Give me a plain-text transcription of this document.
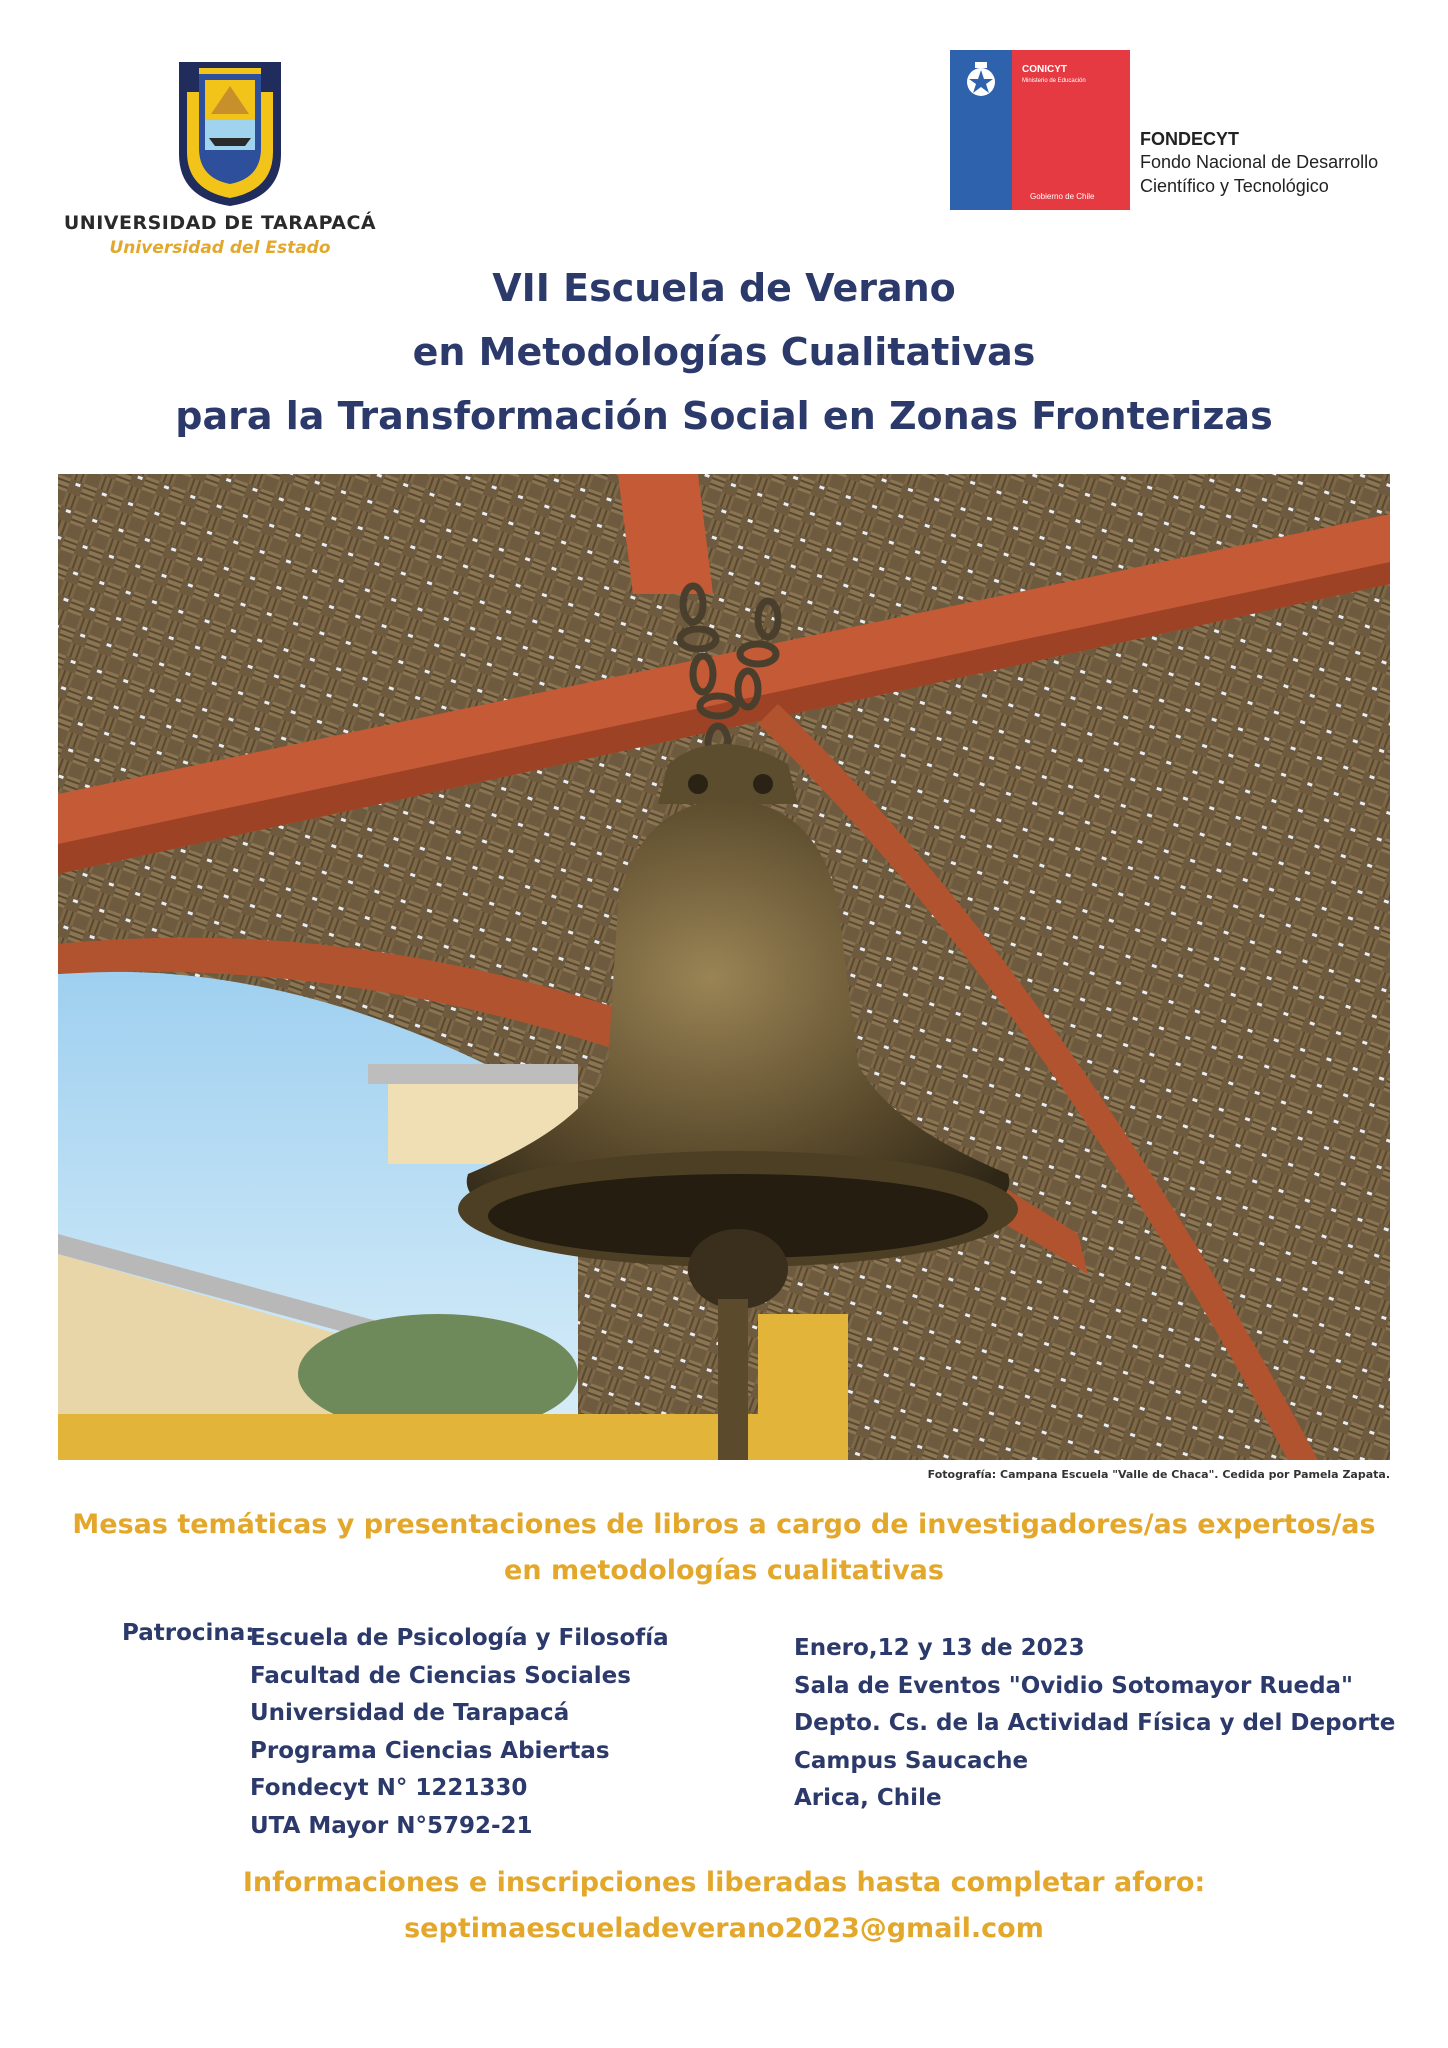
UNIVERSIDAD DE TARAPACÁ
Universidad del Estado
CONICYT
Ministerio de Educación
Gobierno de Chile
FONDECYT
Fondo Nacional de Desarrollo
Científico y Tecnológico
VII Escuela de Verano
en Metodologías Cualitativas
para la Transformación Social en Zonas Fronterizas
Fotografía: Campana Escuela "Valle de Chaca". Cedida por Pamela Zapata.
Mesas temáticas y presentaciones de libros a cargo de investigadores/as expertos/as
en metodologías cualitativas
Patrocina:
Escuela de Psicología y Filosofía
Facultad de Ciencias Sociales
Universidad de Tarapacá
Programa Ciencias Abiertas
Fondecyt N° 1221330
UTA Mayor N°5792-21
Enero,12 y 13 de 2023
Sala de Eventos "Ovidio Sotomayor Rueda"
Depto. Cs. de la Actividad Física y del Deporte
Campus Saucache
Arica, Chile
Informaciones e inscripciones liberadas hasta completar aforo:
septimaescueladeverano2023@gmail.com
